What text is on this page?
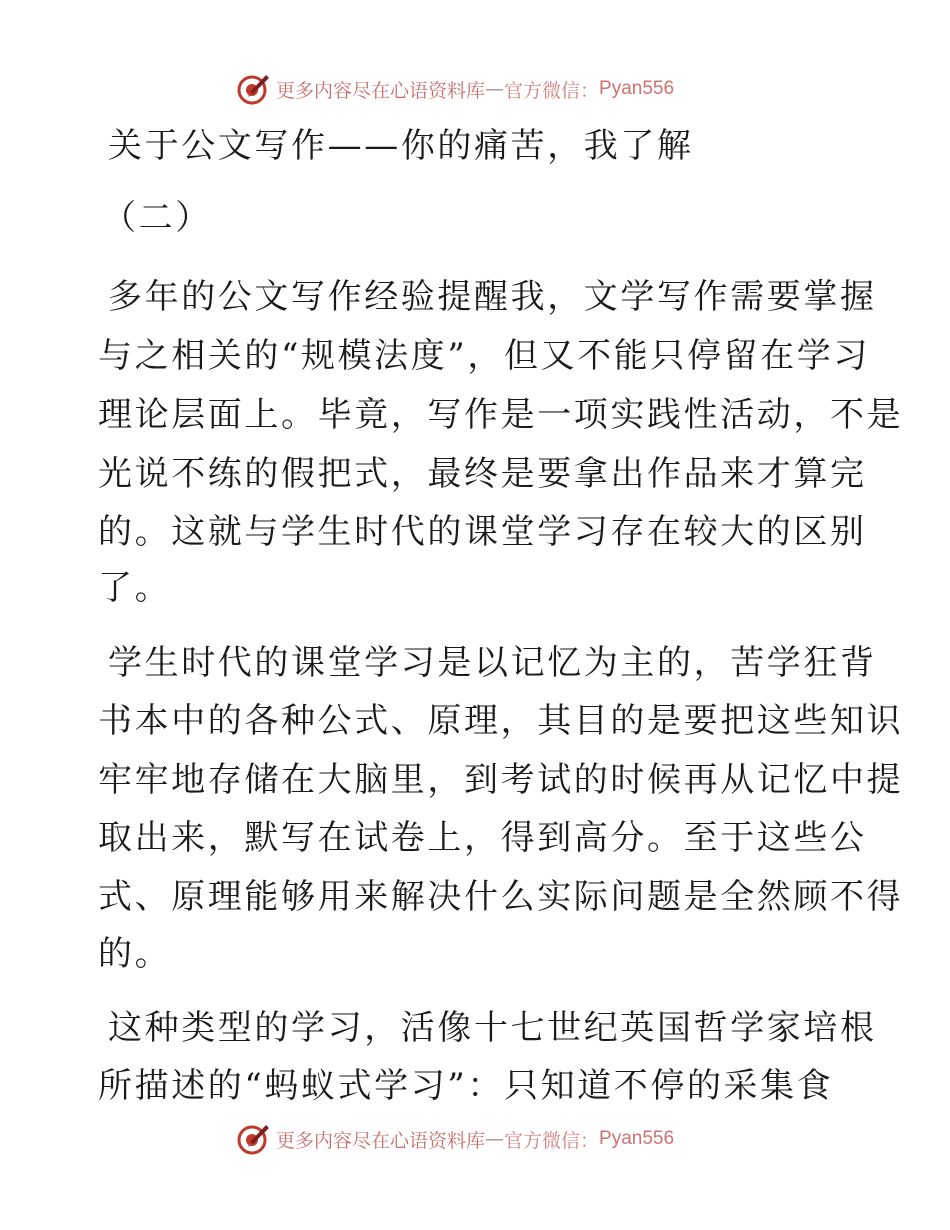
更多内容尽在心语资料库 — 官方微信： Pyan556

关于公文写作——你的痛苦，我了解

（二）

多年的公文写作经验提醒我，文学写作需要掌握

与之相关的“规模法度”，但又不能只停留在学习

理论层面上。毕竟，写作是一项实践性活动，不是

光说不练的假把式，最终是要拿出作品来才算完

的。这就与学生时代的课堂学习存在较大的区别

了。

学生时代的课堂学习是以记忆为主的，苦学狂背

书本中的各种公式、原理，其目的是要把这些知识

牢牢地存储在大脑里，到考试的时候再从记忆中提

取出来，默写在试卷上，得到高分。至于这些公

式、原理能够用来解决什么实际问题是全然顾不得

的。

这种类型的学习，活像十七世纪英国哲学家培根

所描述的“蚂蚁式学习”：只知道不停的采集食

更多内容尽在心语资料库 — 官方微信： Pyan556
